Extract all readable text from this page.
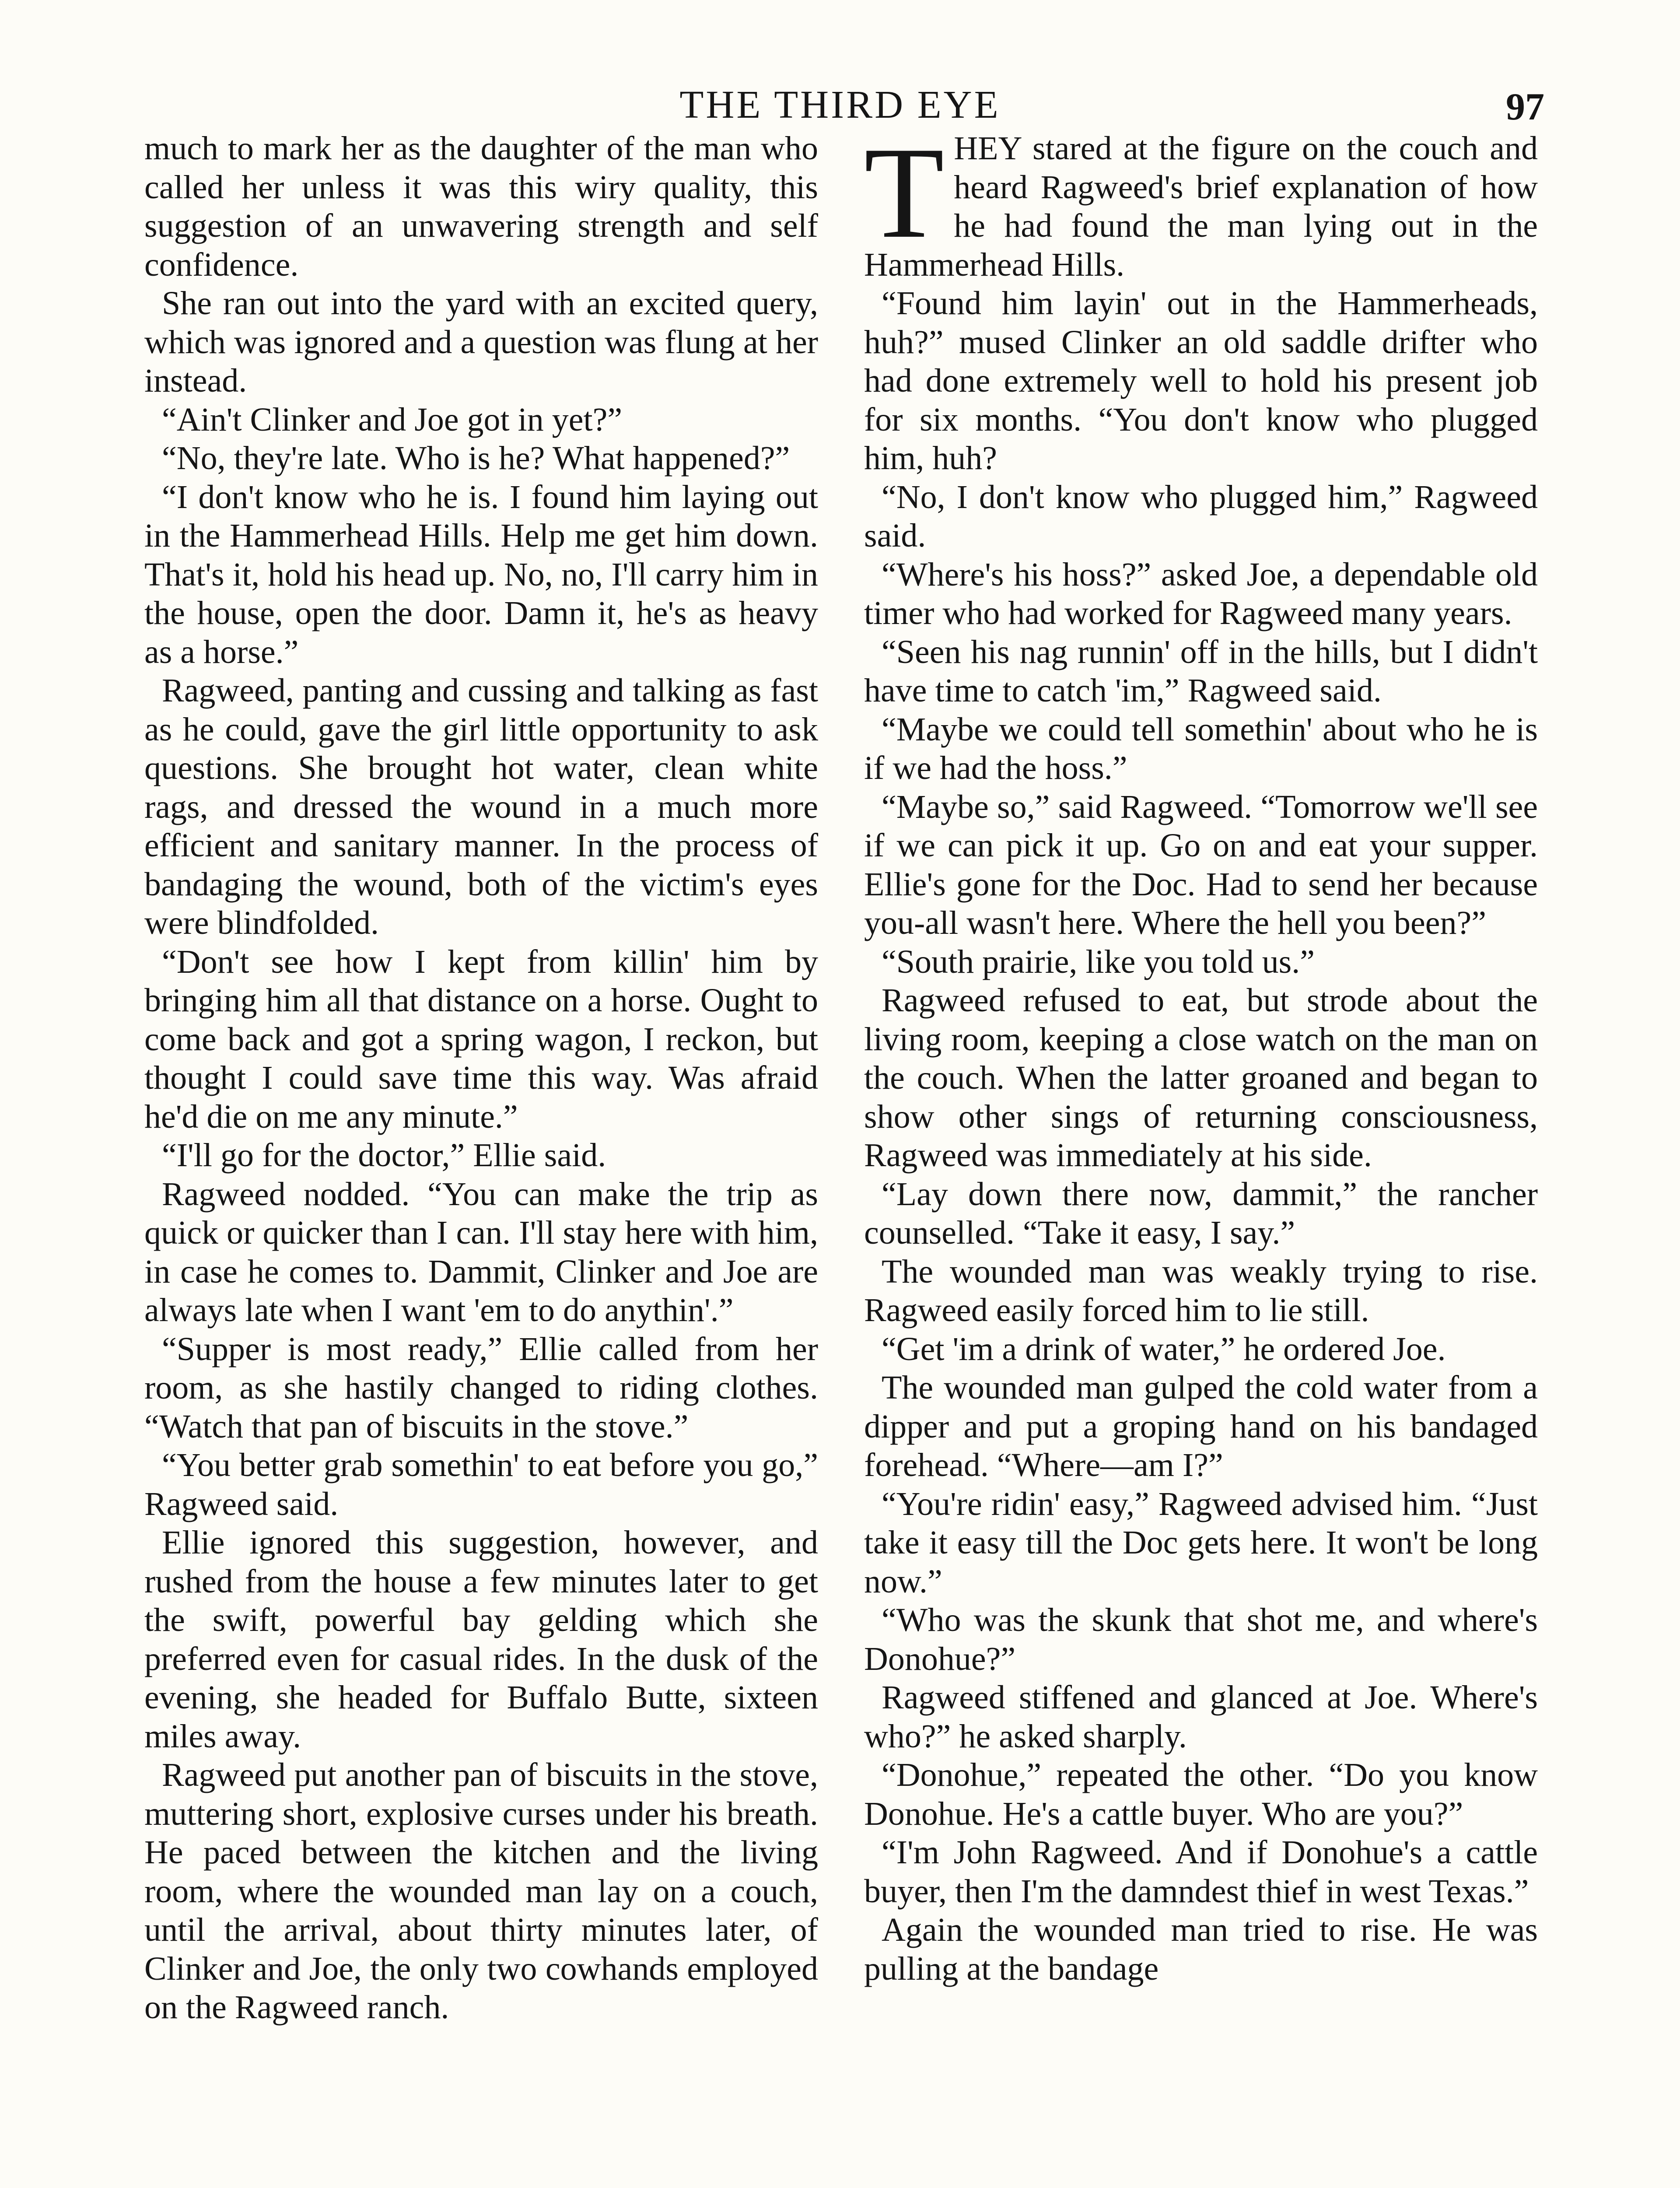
THE THIRD EYE	97

much to mark her as the daughter of the man who called her unless it was this wiry quality, this suggestion of an unwavering strength and self confidence.

She ran out into the yard with an excited query, which was ignored and a question was flung at her instead.

“Ain't Clinker and Joe got in yet?”

“No, they're late. Who is he? What happened?”

“I don't know who he is. I found him laying out in the Hammerhead Hills. Help me get him down. That's it, hold his head up. No, no, I'll carry him in the house, open the door. Damn it, he's as heavy as a horse.”

Ragweed, panting and cussing and talking as fast as he could, gave the girl little opportunity to ask questions. She brought hot water, clean white rags, and dressed the wound in a much more efficient and sanitary manner. In the process of bandaging the wound, both of the victim's eyes were blindfolded.

“Don't see how I kept from killin' him by bringing him all that distance on a horse. Ought to come back and got a spring wagon, I reckon, but thought I could save time this way. Was afraid he'd die on me any minute.”

“I'll go for the doctor,” Ellie said.

Ragweed nodded. “You can make the trip as quick or quicker than I can. I'll stay here with him, in case he comes to. Dammit, Clinker and Joe are always late when I want 'em to do anythin'.”

“Supper is most ready,” Ellie called from her room, as she hastily changed to riding clothes. “Watch that pan of biscuits in the stove.”

“You better grab somethin' to eat before you go,” Ragweed said.

Ellie ignored this suggestion, however, and rushed from the house a few minutes later to get the swift, powerful bay gelding which she preferred even for casual rides. In the dusk of the evening, she headed for Buffalo Butte, sixteen miles away.

Ragweed put another pan of biscuits in the stove, muttering short, explosive curses under his breath. He paced between the kitchen and the living room, where the wounded man lay on a couch, until the arrival, about thirty minutes later, of Clinker and Joe, the only two cowhands employed on the Ragweed ranch.

THEY stared at the figure on the couch and heard Ragweed's brief explanation of how he had found the man lying out in the Hammerhead Hills.

“Found him layin' out in the Hammerheads, huh?” mused Clinker an old saddle drifter who had done extremely well to hold his present job for six months. “You don't know who plugged him, huh?

“No, I don't know who plugged him,” Ragweed said.

“Where's his hoss?” asked Joe, a dependable old timer who had worked for Ragweed many years.

“Seen his nag runnin' off in the hills, but I didn't have time to catch 'im,” Ragweed said.

“Maybe we could tell somethin' about who he is if we had the hoss.”

“Maybe so,” said Ragweed. “Tomorrow we'll see if we can pick it up. Go on and eat your supper. Ellie's gone for the Doc. Had to send her because you-all wasn't here. Where the hell you been?”

“South prairie, like you told us.”

Ragweed refused to eat, but strode about the living room, keeping a close watch on the man on the couch. When the latter groaned and began to show other sings of returning consciousness, Ragweed was immediately at his side.

“Lay down there now, dammit,” the rancher counselled. “Take it easy, I say.”

The wounded man was weakly trying to rise. Ragweed easily forced him to lie still.

“Get 'im a drink of water,” he ordered Joe.

The wounded man gulped the cold water from a dipper and put a groping hand on his bandaged forehead. “Where—am I?”

“You're ridin' easy,” Ragweed advised him. “Just take it easy till the Doc gets here. It won't be long now.”

“Who was the skunk that shot me, and where's Donohue?”

Ragweed stiffened and glanced at Joe. Where's who?” he asked sharply.

“Donohue,” repeated the other. “Do you know Donohue. He's a cattle buyer. Who are you?”

“I'm John Ragweed. And if Donohue's a cattle buyer, then I'm the damndest thief in west Texas.”

Again the wounded man tried to rise. He was pulling at the bandage
